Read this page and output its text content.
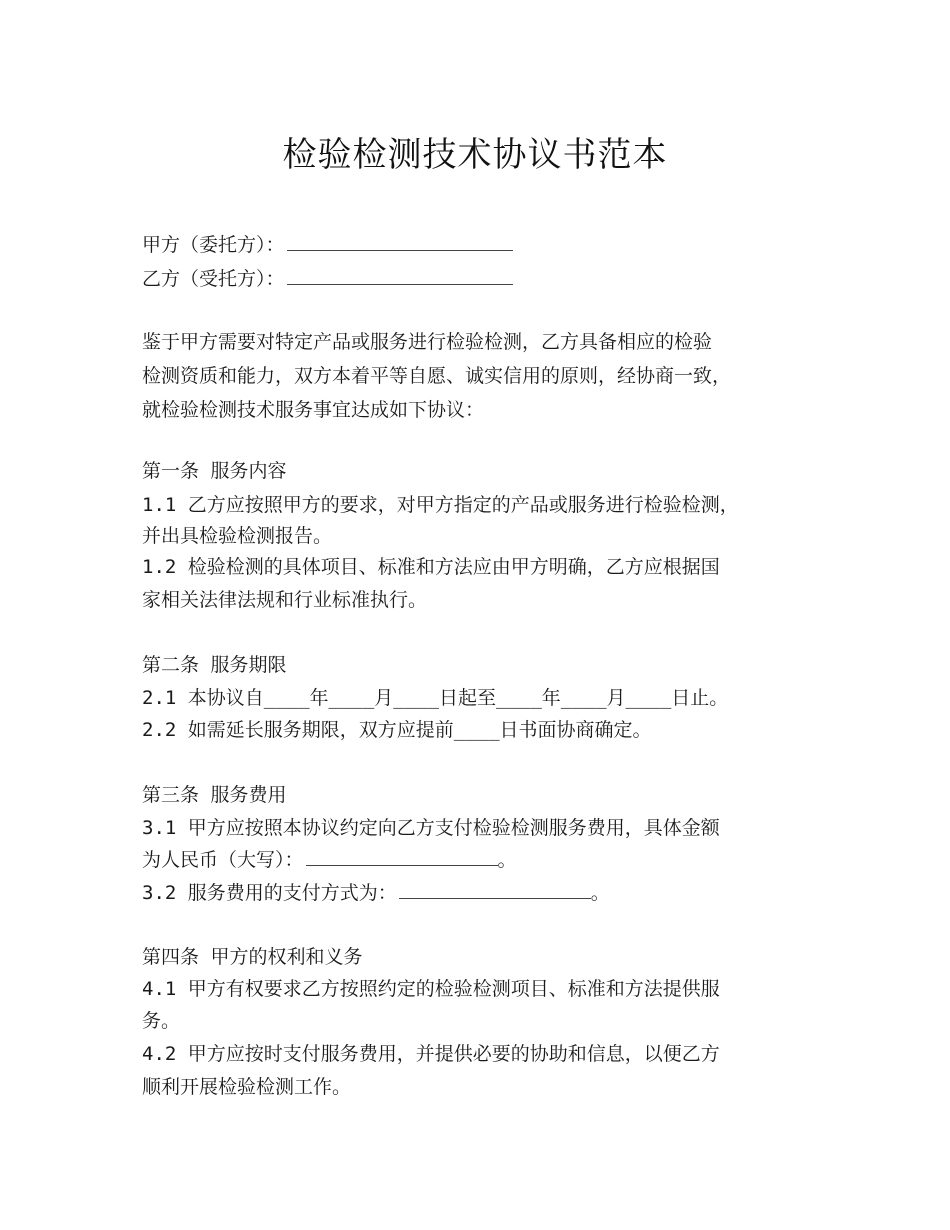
检验检测技术协议书范本
甲方（委托方）：
乙方（受托方）：
鉴于甲方需要对特定产品或服务进行检验检测，乙方具备相应的检验
检测资质和能力，双方本着平等自愿、诚实信用的原则，经协商一致，
就检验检测技术服务事宜达成如下协议：
第一条 服务内容
1.1 乙方应按照甲方的要求，对甲方指定的产品或服务进行检验检测，
并出具检验检测报告。
1.2 检验检测的具体项目、标准和方法应由甲方明确，乙方应根据国
家相关法律法规和行业标准执行。
第二条 服务期限
2.1 本协议自____年____月____日起至____年____月____日止。
2.2 如需延长服务期限，双方应提前____日书面协商确定。
第三条 服务费用
3.1 甲方应按照本协议约定向乙方支付检验检测服务费用，具体金额
为人民币（大写）：	。
3.2 服务费用的支付方式为：	。
第四条 甲方的权利和义务
4.1 甲方有权要求乙方按照约定的检验检测项目、标准和方法提供服
务。
4.2 甲方应按时支付服务费用，并提供必要的协助和信息，以便乙方
顺利开展检验检测工作。
